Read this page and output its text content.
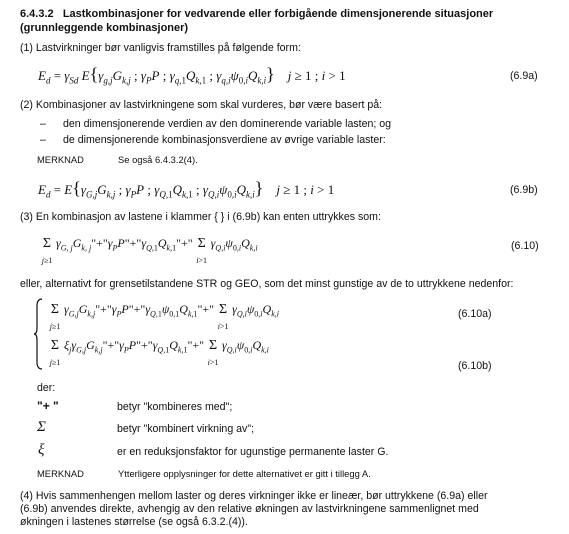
6.4.3.2 Lastkombinasjoner for vedvarende eller forbigående dimensjonerende situasjoner
(grunnleggende kombinasjoner)
(1) Lastvirkninger bør vanligvis framstilles på følgende form:
$E_d = \gamma_{Sd}$ $E\{\gamma_{g,j}G_{k,j}$ ; $\gamma_PP$ ; $\gamma_{q,1}Q_{k,1}$ ; $\gamma_{q,i}\psi_{0,i}Q_{k,i}$} j ≥ 1 ; i > 1	(6.9a)
(2) Kombinasjoner av lastvirkningene som skal vurderes, bør være basert på:
– den dimensjonerende verdien av den dominerende variable lasten; og
– de dimensjonerende kombinasjonsverdiene av øvrige variable laster:
MERKNAD	Se også 6.4.3.2(4).
$E_d = E\{\gamma_{G,j}G_{k,j}$ ; $\gamma_PP$ ; $\gamma_{Q,1}Q_{k,1}$ ; $\gamma_{Q,i}\psi_{0,i}Q_{k,i}$} j ≥ 1 ; i > 1	(6.9b)
(3) En kombinasjon av lastene i klammer { } i (6.9b) kan enten uttrykkes som:
Σ
$j\ge 1\gamma_{G, j}G_{k, j}"+"\gamma_PP"+"\gamma_{Q,1}Q_{k,1}"+$" Σ
$i>1\gamma_{Q,i}\psi_{0,i}Q_{k,i}$	(6.10)
eller, alternativt for grensetilstandene STR og GEO, som det minst gunstige av de to uttrykkene nedenfor:
Σ
$j\ge 1\gamma_{G,j}G_{k,j}"+"\gamma_PP"+"\gamma_{Q,1}\psi_{0,1}Q_{k,1}"+$" Σ
$i>1\gamma_{Q,i}\psi_{0,i}Q_{k,i}$	(6.10a)
Σ
$j\ge 1\xi_j\gamma_{G,j}G_{k,j}"+"\gamma_PP"+"\gamma_{Q,1}Q_{k,1}"+$" Σ
$i>1\gamma_{Q,i}\psi_{0,i}Q_{k,i}$
(6.10b)
der:
"+ "	betyr "kombineres med";
Σ	betyr "kombinert virkning av";
ξ	er en reduksjonsfaktor for ugunstige permanente laster G.
MERKNAD	Ytterligere opplysninger for dette alternativet er gitt i tillegg A.
(4) Hvis sammenhengen mellom laster og deres virkninger ikke er lineær, bør uttrykkene (6.9a) eller
(6.9b) anvendes direkte, avhengig av den relative økningen av lastvirkningene sammenlignet med
økningen i lastenes størrelse (se også 6.3.2.(4)).
